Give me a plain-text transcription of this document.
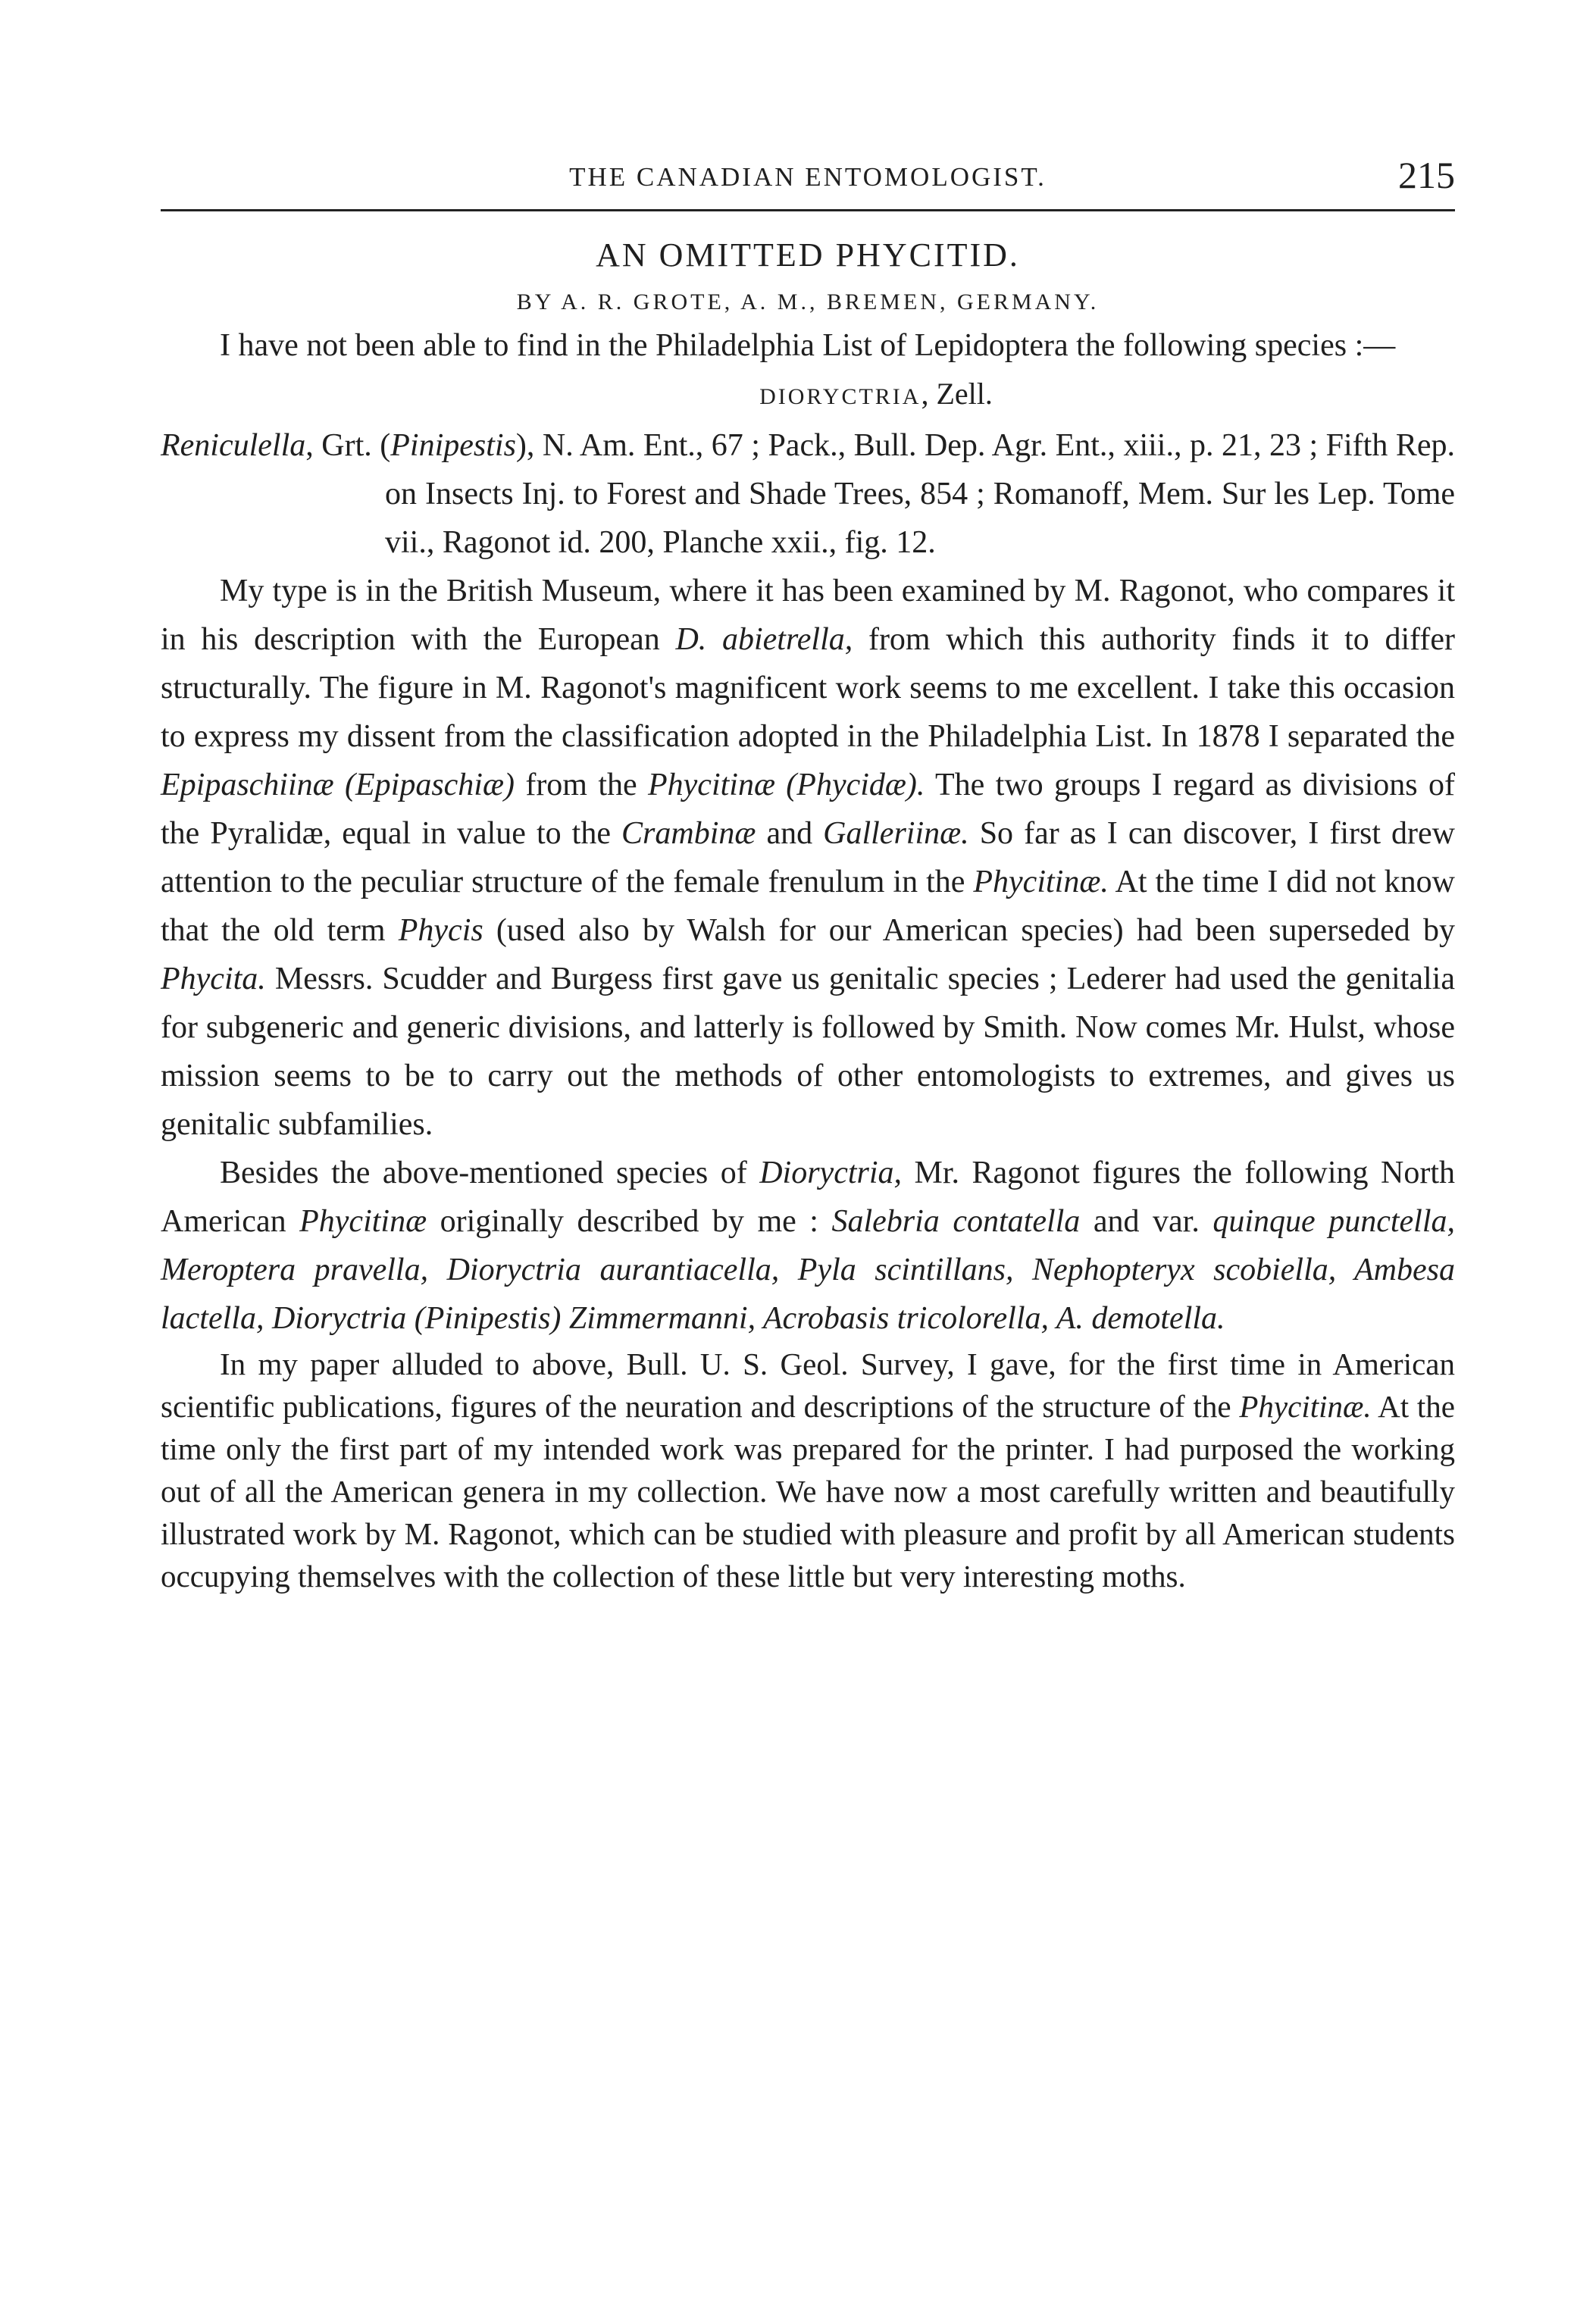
THE CANADIAN ENTOMOLOGIST.	215
AN OMITTED PHYCITID.
BY A. R. GROTE, A. M., BREMEN, GERMANY.

I have not been able to find in the Philadelphia List of Lepidoptera the following species :—

DIORYCTRIA, Zell.

Reniculella, Grt. (Pinipestis), N. Am. Ent., 67 ; Pack., Bull. Dep. Agr. Ent., xiii., p. 21, 23 ; Fifth Rep. on Insects Inj. to Forest and Shade Trees, 854 ; Romanoff, Mem. Sur les Lep. Tome vii., Ragonot id. 200, Planche xxii., fig. 12.

My type is in the British Museum, where it has been examined by M. Ragonot, who compares it in his description with the European D. abietrella, from which this authority finds it to differ structurally. The figure in M. Ragonot's magnificent work seems to me excellent. I take this occasion to express my dissent from the classification adopted in the Philadelphia List. In 1878 I separated the Epipaschiinæ (Epipaschiæ) from the Phycitinæ (Phycidæ). The two groups I regard as divisions of the Pyralidæ, equal in value to the Crambinæ and Galleriinæ. So far as I can discover, I first drew attention to the peculiar structure of the female frenulum in the Phycitinæ. At the time I did not know that the old term Phycis (used also by Walsh for our American species) had been superseded by Phycita. Messrs. Scudder and Burgess first gave us genitalic species ; Lederer had used the genitalia for subgeneric and generic divisions, and latterly is followed by Smith. Now comes Mr. Hulst, whose mission seems to be to carry out the methods of other entomologists to extremes, and gives us genitalic subfamilies.

Besides the above-mentioned species of Dioryctria, Mr. Ragonot figures the following North American Phycitinæ originally described by me : Salebria contatella and var. quinque punctella, Meroptera pravella, Dioryctria aurantiacella, Pyla scintillans, Nephopteryx scobiella, Ambesa lactella, Dioryctria (Pinipestis) Zimmermanni, Acrobasis tricolorella, A. demotella.

In my paper alluded to above, Bull. U. S. Geol. Survey, I gave, for the first time in American scientific publications, figures of the neuration and descriptions of the structure of the Phycitinæ. At the time only the first part of my intended work was prepared for the printer. I had purposed the working out of all the American genera in my collection. We have now a most carefully written and beautifully illustrated work by M. Ragonot, which can be studied with pleasure and profit by all American students occupying themselves with the collection of these little but very interesting moths.
